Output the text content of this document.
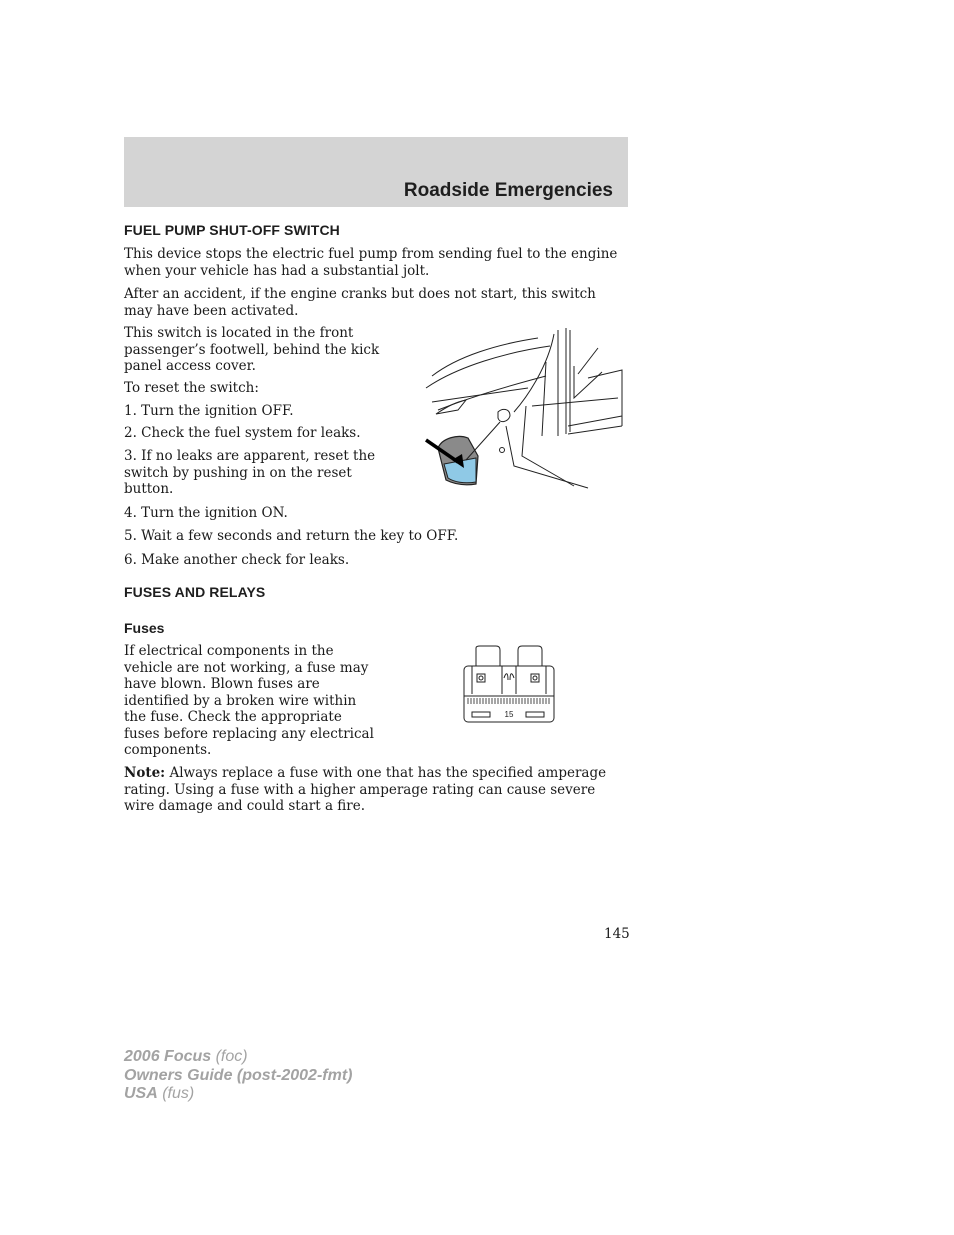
Roadside Emergencies
FUEL PUMP SHUT-OFF SWITCH

This device stops the electric fuel pump from sending fuel to the engine when your vehicle has had a substantial jolt.

After an accident, if the engine cranks but does not start, this switch may have been activated.

This switch is located in the front passenger’s footwell, behind the kick panel access cover.

To reset the switch:

1. Turn the ignition OFF.

2. Check the fuel system for leaks.

3. If no leaks are apparent, reset the switch by pushing in on the reset button.

4. Turn the ignition ON.

5. Wait a few seconds and return the key to OFF.

6. Make another check for leaks.

FUSES AND RELAYS
Fuses

If electrical components in the vehicle are not working, a fuse may have blown. Blown fuses are identified by a broken wire within the fuse. Check the appropriate fuses before replacing any electrical components.

15

Note: Always replace a fuse with one that has the specified amperage rating. Using a fuse with a higher amperage rating can cause severe wire damage and could start a fire.

145
2006 Focus (foc)
Owners Guide (post-2002-fmt)
USA (fus)
